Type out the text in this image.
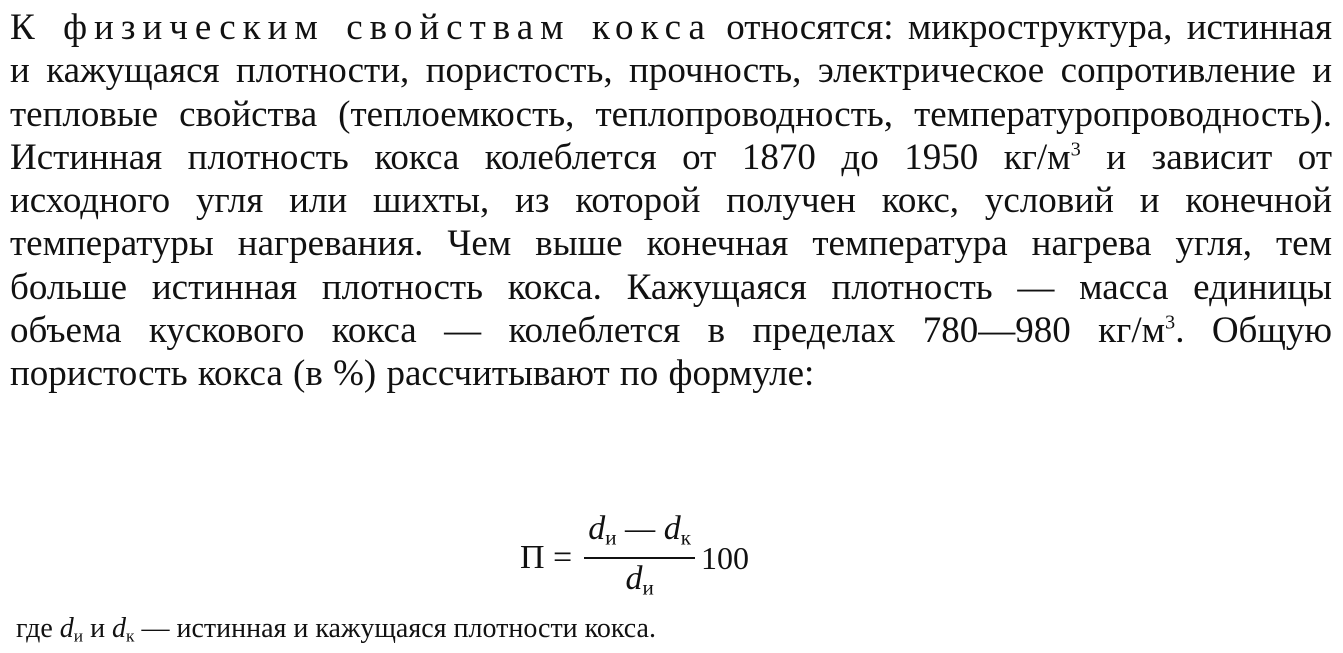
К физическим свойствам кокса относятся: микроструктура, истинная и кажущаяся плотности, пористость, прочность, электрическое сопротивление и тепловые свойства (теплоемкость, теплопроводность, температуропроводность). Истинная плотность кокса колеблется от 1870 до 1950 $кг/м^3$ и зависит от исходного угля или шихты, из которой получен кокс, условий и конечной температуры нагревания. Чем выше конечная температура нагрева угля, тем больше истинная плотность кокса. Кажущаяся плотность — масса единицы объема кускового кокса — колеблется в пределах 780—980 $кг/м^3$. Общую пористость кокса (в %) рассчитывают по формуле:
$П = \frac{d_и — d_к}{d_и} 100$
где $d_и$ и $d_к$ — истинная и кажущаяся плотности кокса.
